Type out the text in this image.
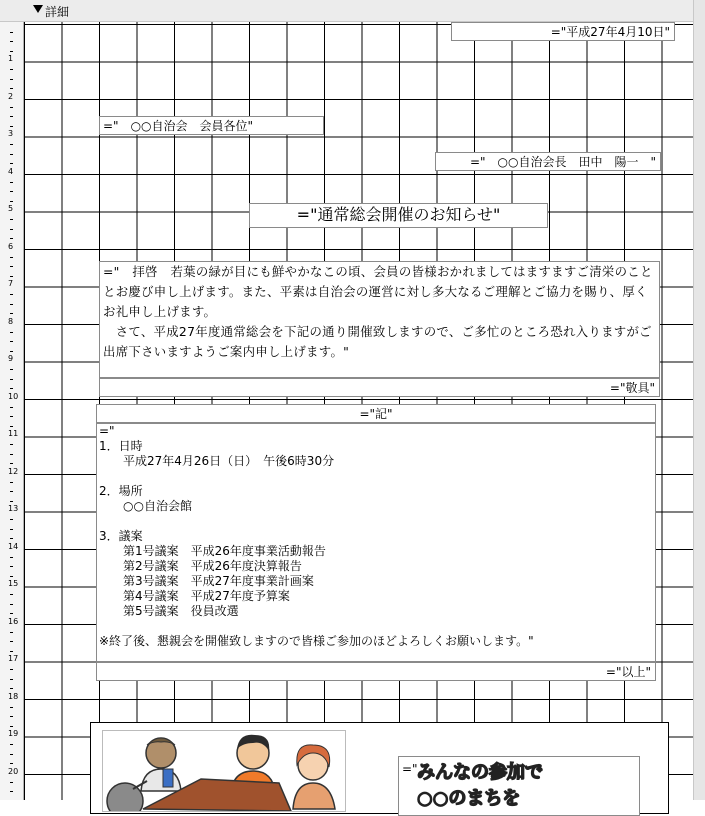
詳細
1
2
3
4
5
6
7
8
9
10
11
12
13
14
15
16
17
18
19
20
="平成27年4月10日"
="　○○自治会　会員各位"
="　○○自治会長　田中　陽一　"
="通常総会開催のお知らせ"
="　拝啓　若葉の緑が目にも鮮やかなこの頃、会員の皆様おかれましてはますますご清栄のこととお慶び申し上げます。また、平素は自治会の運営に対し多大なるご理解とご協力を賜り、厚くお礼申し上げます。
　さて、平成27年度通常総会を下記の通り開催致しますので、ご多忙のところ恐れ入りますがご出席下さいますようご案内申し上げます。"
="敬具"
="記"
="
1．日時
　　平成27年4月26日（日）　午後6時30分

2．場所
　　○○自治会館

3．議案
　　第1号議案　平成26年度事業活動報告
　　第2号議案　平成26年度決算報告
　　第3号議案　平成27年度事業計画案
　　第4号議案　平成27年度予算案
　　第5号議案　役員改選

※終了後、懇親会を開催致しますので皆様ご参加のほどよろしくお願いします。"
="以上"
=" みんなの参加で
○○のまちを
